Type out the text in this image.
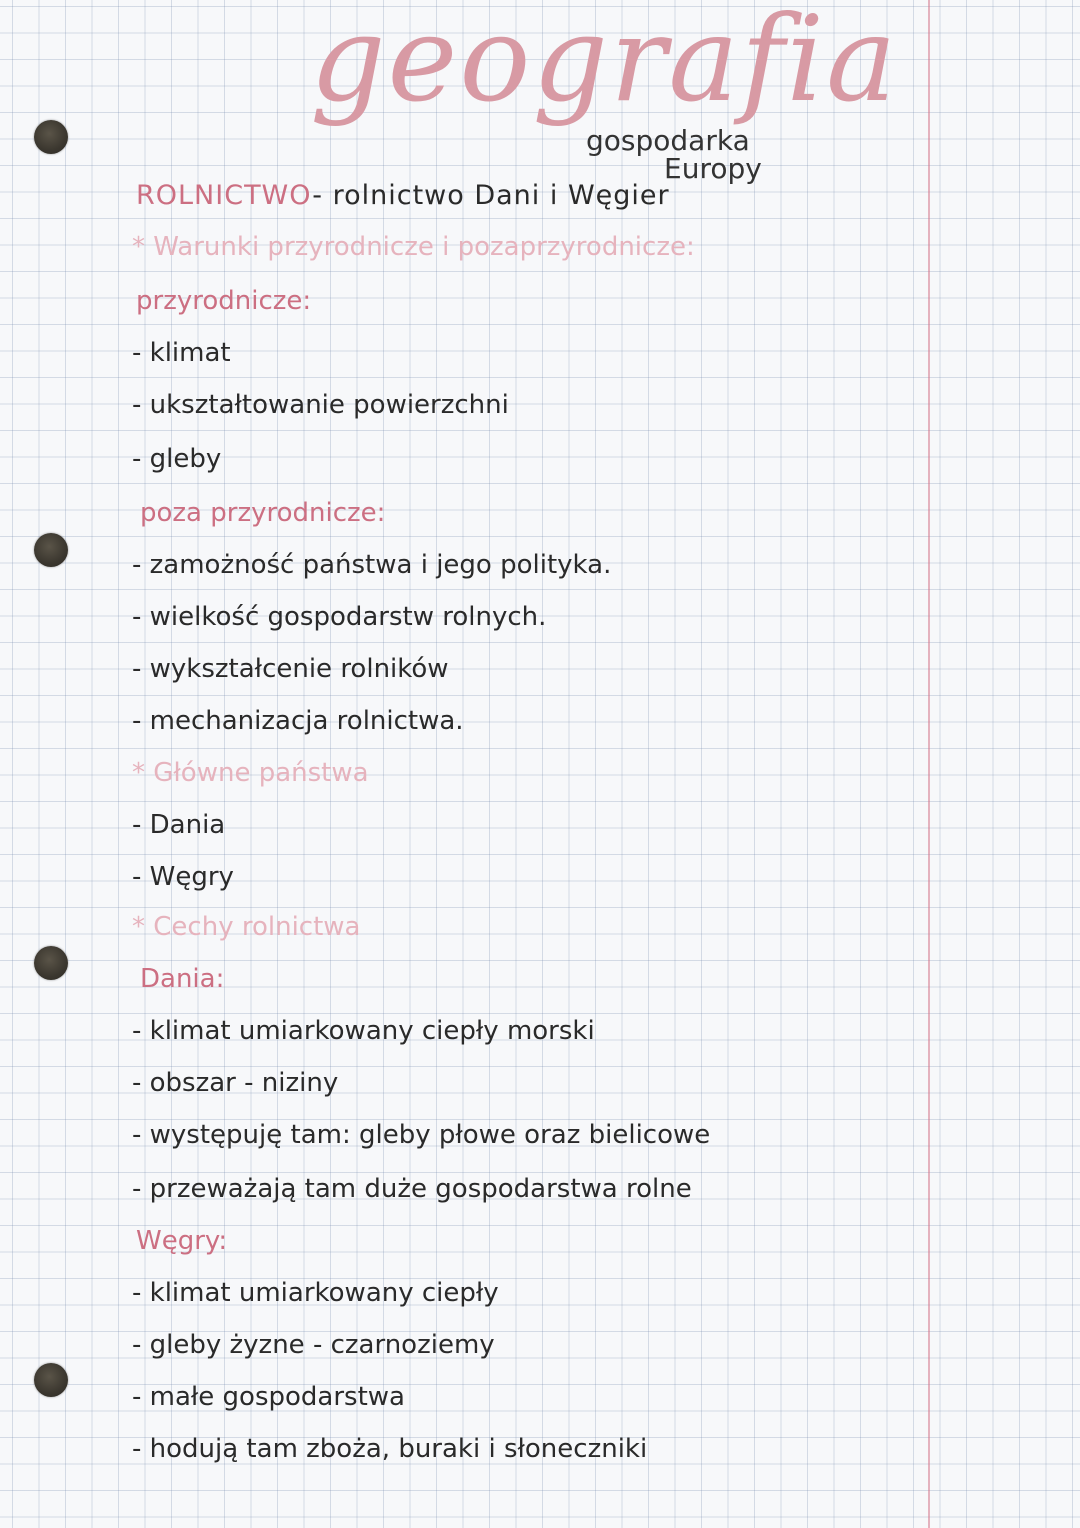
geografia
gospodarka
Europy
ROLNICTWO- rolnictwo Dani i Węgier
* Warunki przyrodnicze i pozaprzyrodnicze:
przyrodnicze:
- klimat
- ukształtowanie powierzchni
- gleby
poza przyrodnicze:
- zamożność państwa i jego polityka.
- wielkość gospodarstw rolnych.
- wykształcenie rolników
- mechanizacja rolnictwa.
* Główne państwa
- Dania
- Węgry
* Cechy rolnictwa
Dania:
- klimat umiarkowany ciepły morski
- obszar - niziny
- występuję tam: gleby płowe oraz bielicowe
- przeważają tam duże gospodarstwa rolne
Węgry:
- klimat umiarkowany ciepły
- gleby żyzne - czarnoziemy
- małe gospodarstwa
- hodują tam zboża, buraki i słoneczniki
